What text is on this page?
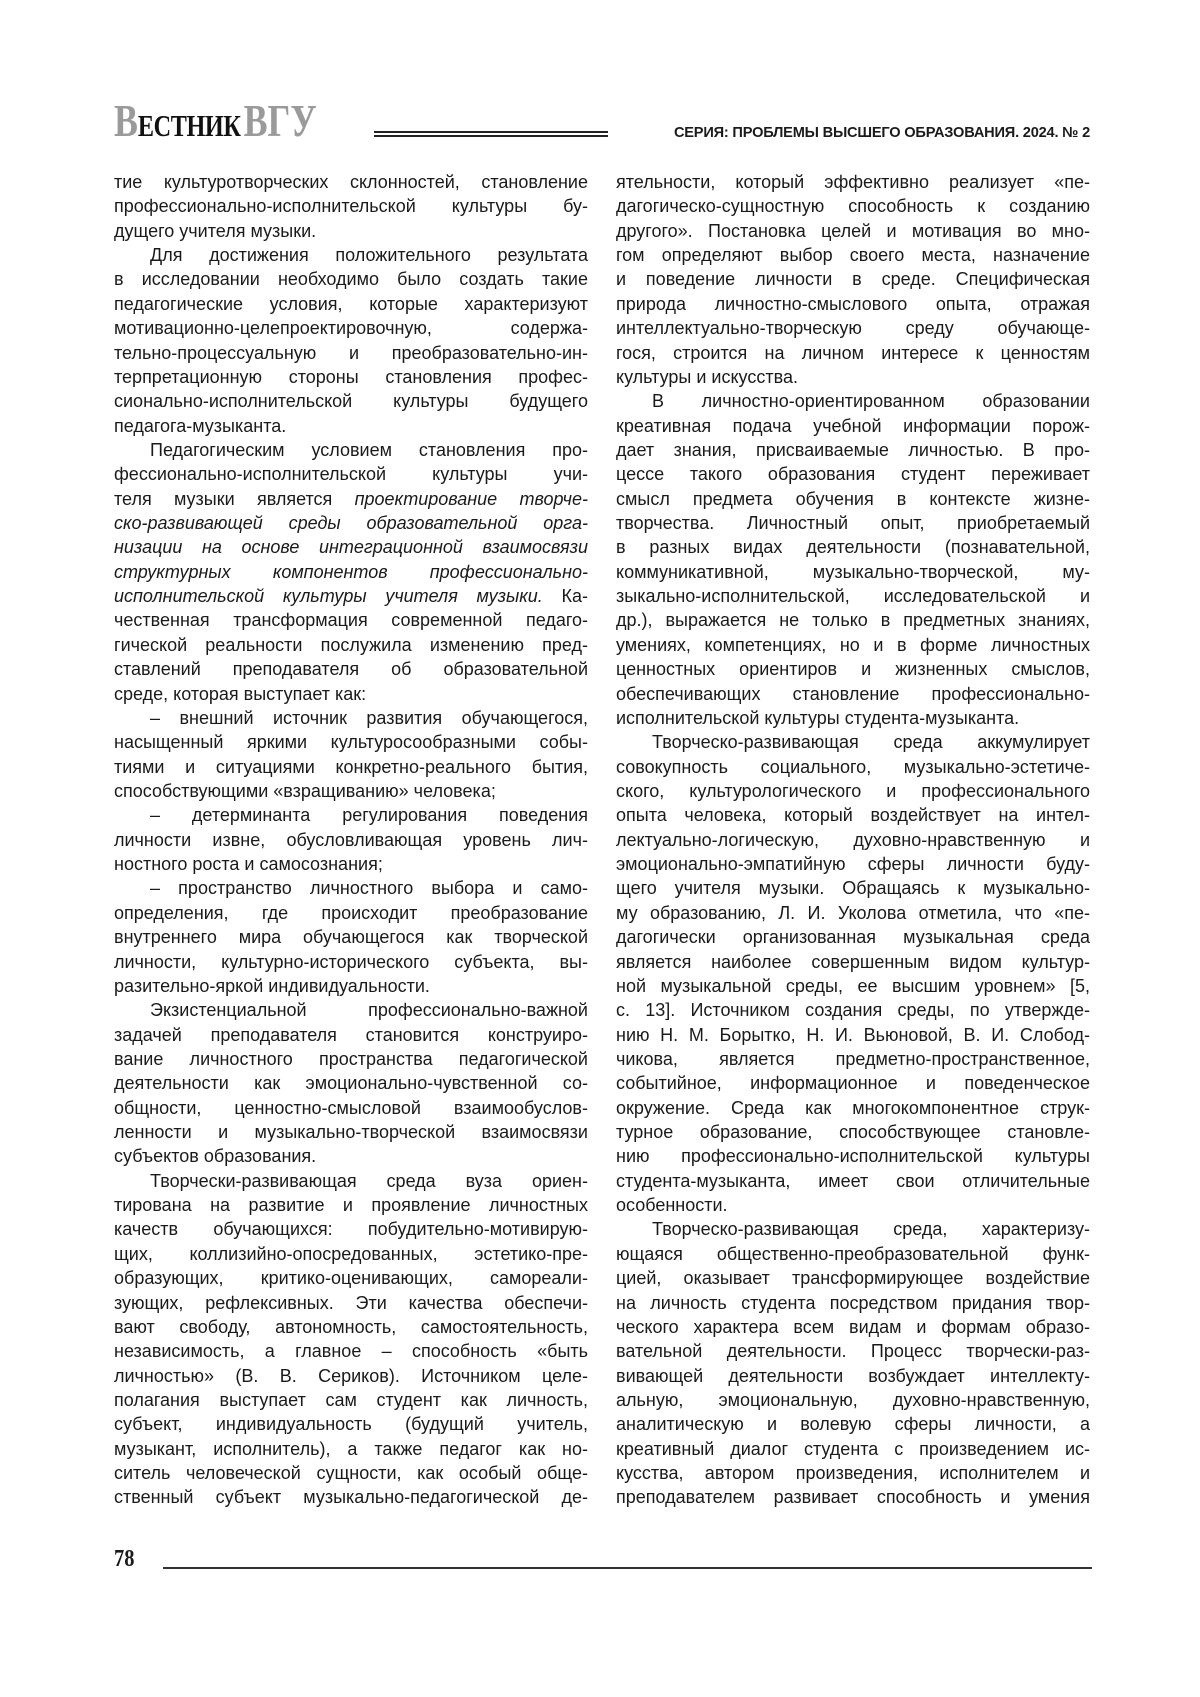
ВЕСТНИК ВГУ	СЕРИЯ: ПРОБЛЕМЫ ВЫСШЕГО ОБРАЗОВАНИЯ. 2024. № 2
тие культуротворческих склонностей, становление
профессионально-исполнительской культуры бу-
дущего учителя музыки.
Для достижения положительного результата
в исследовании необходимо было создать такие
педагогические условия, которые характеризуют
мотивационно-целепроектировочную, содержа-
тельно-процессуальную и преобразовательно-ин-
терпретационную стороны становления профес-
сионально-исполнительской культуры будущего
педагога-музыканта.
Педагогическим условием становления про-
фессионально-исполнительской культуры учи-
теля музыки является проектирование творче-
ско-развивающей среды образовательной орга-
низации на основе интеграционной взаимосвязи
структурных компонентов профессионально-
исполнительской культуры учителя музыки. Ка-
чественная трансформация современной педаго-
гической реальности послужила изменению пред-
ставлений преподавателя об образовательной
среде, которая выступает как:
– внешний источник развития обучающегося,
насыщенный яркими культуросообразными собы-
тиями и ситуациями конкретно-реального бытия,
способствующими «взращиванию» человека;
– детерминанта регулирования поведения
личности извне, обусловливающая уровень лич-
ностного роста и самосознания;
– пространство личностного выбора и само-
определения, где происходит преобразование
внутреннего мира обучающегося как творческой
личности, культурно-исторического субъекта, вы-
разительно-яркой индивидуальности.
Экзистенциальной профессионально-важной
задачей преподавателя становится конструиро-
вание личностного пространства педагогической
деятельности как эмоционально-чувственной со-
общности, ценностно-смысловой взаимообуслов-
ленности и музыкально-творческой взаимосвязи
субъектов образования.
Творчески-развивающая среда вуза ориен-
тирована на развитие и проявление личностных
качеств обучающихся: побудительно-мотивирую-
щих, коллизийно-опосредованных, эстетико-пре-
образующих, критико-оценивающих, самореали-
зующих, рефлексивных. Эти качества обеспечи-
вают свободу, автономность, самостоятельность,
независимость, а главное – способность «быть
личностью» (В. В. Сериков). Источником целе-
полагания выступает сам студент как личность,
субъект, индивидуальность (будущий учитель,
музыкант, исполнитель), а также педагог как но-
ситель человеческой сущности, как особый обще-
ственный субъект музыкально-педагогической де-
ятельности, который эффективно реализует «пе-
дагогическо-сущностную способность к созданию
другого». Постановка целей и мотивация во мно-
гом определяют выбор своего места, назначение
и поведение личности в среде. Специфическая
природа личностно-смыслового опыта, отражая
интеллектуально-творческую среду обучающе-
гося, строится на личном интересе к ценностям
культуры и искусства.
В личностно-ориентированном образовании
креативная подача учебной информации порож-
дает знания, присваиваемые личностью. В про-
цессе такого образования студент переживает
смысл предмета обучения в контексте жизне-
творчества. Личностный опыт, приобретаемый
в разных видах деятельности (познавательной,
коммуникативной, музыкально-творческой, му-
зыкально-исполнительской, исследовательской и
др.), выражается не только в предметных знаниях,
умениях, компетенциях, но и в форме личностных
ценностных ориентиров и жизненных смыслов,
обеспечивающих становление профессионально-
исполнительской культуры студента-музыканта.
Творческо-развивающая среда аккумулирует
совокупность социального, музыкально-эстетиче-
ского, культурологического и профессионального
опыта человека, который воздействует на интел-
лектуально-логическую, духовно-нравственную и
эмоционально-эмпатийную сферы личности буду-
щего учителя музыки. Обращаясь к музыкально-
му образованию, Л. И. Уколова отметила, что «пе-
дагогически организованная музыкальная среда
является наиболее совершенным видом культур-
ной музыкальной среды, ее высшим уровнем» [5,
с. 13]. Источником создания среды, по утвержде-
нию Н. М. Борытко, Н. И. Вьюновой, В. И. Слобод-
чикова, является предметно-пространственное,
событийное, информационное и поведенческое
окружение. Среда как многокомпонентное струк-
турное образование, способствующее становле-
нию профессионально-исполнительской культуры
студента-музыканта, имеет свои отличительные
особенности.
Творческо-развивающая среда, характеризу-
ющаяся общественно-преобразовательной функ-
цией, оказывает трансформирующее воздействие
на личность студента посредством придания твор-
ческого характера всем видам и формам образо-
вательной деятельности. Процесс творчески-раз-
вивающей деятельности возбуждает интеллекту-
альную, эмоциональную, духовно-нравственную,
аналитическую и волевую сферы личности, а
креативный диалог студента с произведением ис-
кусства, автором произведения, исполнителем и
преподавателем развивает способность и умения
78
